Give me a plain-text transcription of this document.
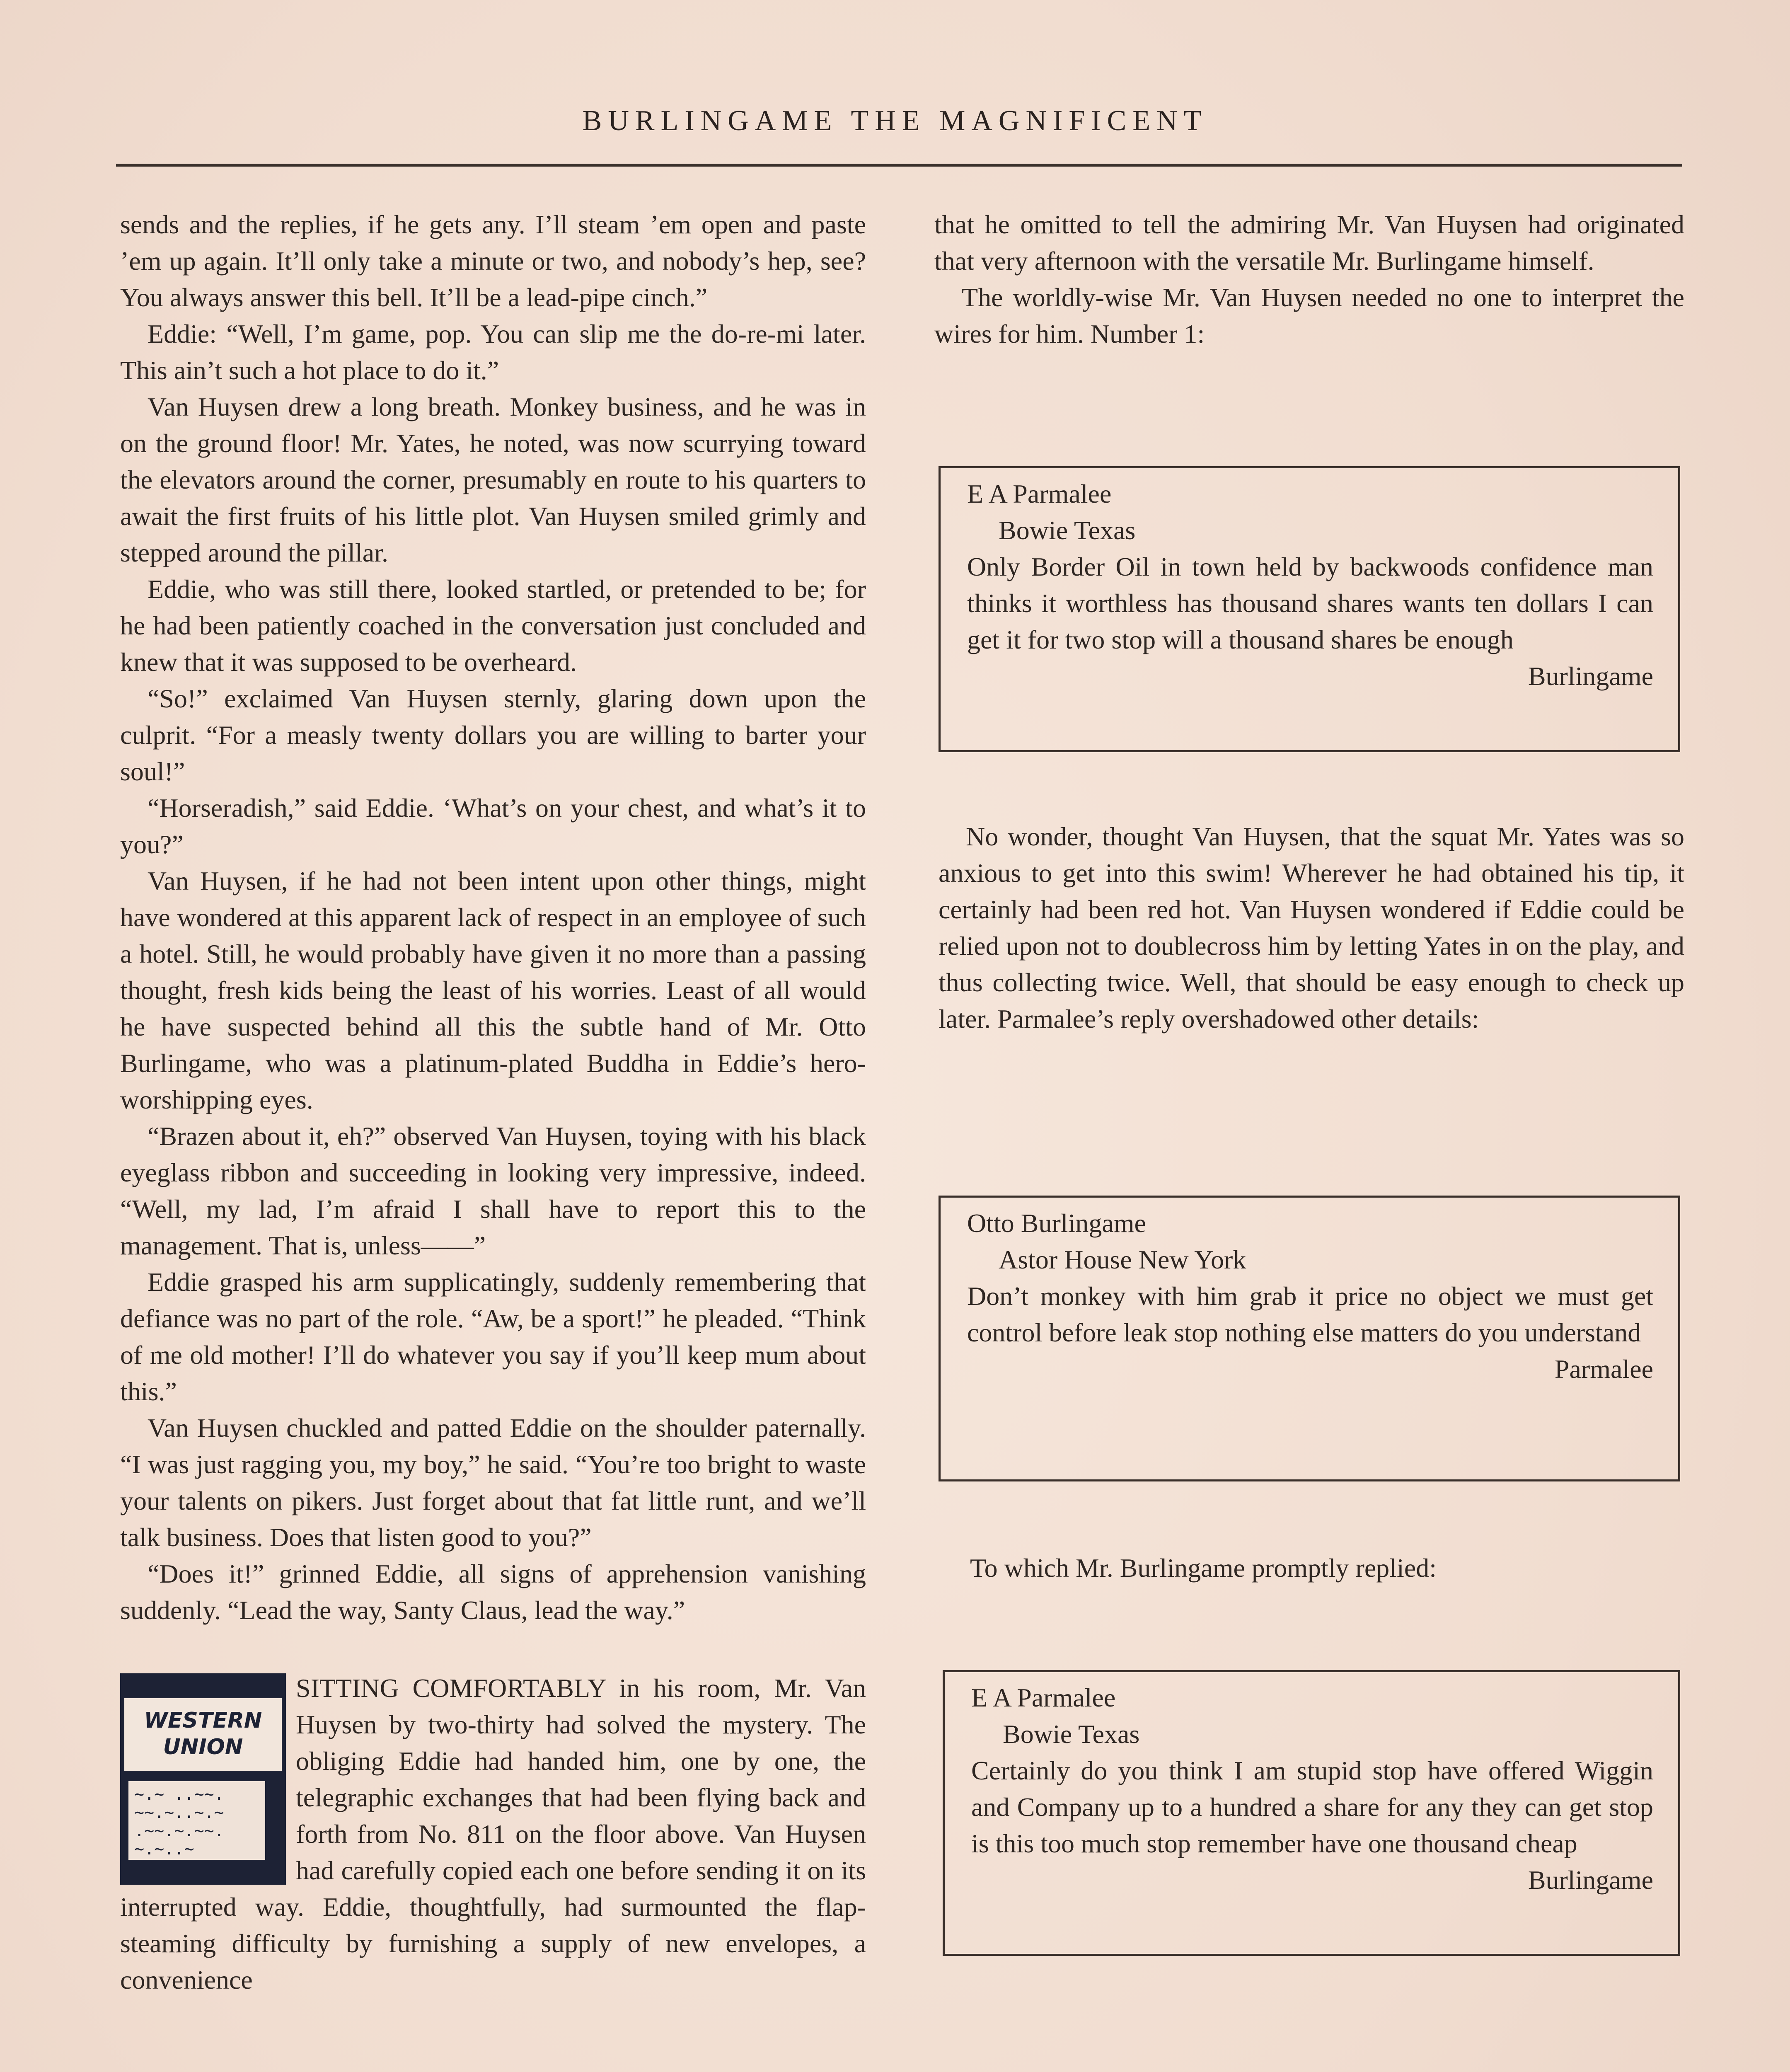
BURLINGAME THE MAGNIFICENT

sends and the replies, if he gets any. I’ll steam ’em open and paste ’em up again. It’ll only take a minute or two, and nobody’s hep, see? You always answer this bell. It’ll be a lead-pipe cinch.”

Eddie: “Well, I’m game, pop. You can slip me the do-re-mi later. This ain’t such a hot place to do it.”

Van Huysen drew a long breath. Monkey business, and he was in on the ground floor! Mr. Yates, he noted, was now scurrying toward the elevators around the corner, presumably en route to his quarters to await the first fruits of his little plot. Van Huysen smiled grimly and stepped around the pillar.

Eddie, who was still there, looked startled, or pretended to be; for he had been patiently coached in the conversation just concluded and knew that it was supposed to be overheard.

“So!” exclaimed Van Huysen sternly, glaring down upon the culprit. “For a measly twenty dollars you are willing to barter your soul!”

“Horseradish,” said Eddie. ‘What’s on your chest, and what’s it to you?”

Van Huysen, if he had not been intent upon other things, might have wondered at this apparent lack of respect in an employee of such a hotel. Still, he would probably have given it no more than a passing thought, fresh kids being the least of his worries. Least of all would he have suspected behind all this the subtle hand of Mr. Otto Burlingame, who was a platinum-plated Buddha in Eddie’s hero-worshipping eyes.

“Brazen about it, eh?” observed Van Huysen, toying with his black eyeglass ribbon and succeeding in looking very impressive, indeed. “Well, my lad, I’m afraid I shall have to report this to the management. That is, unless——”

Eddie grasped his arm supplicatingly, suddenly remembering that defiance was no part of the role. “Aw, be a sport!” he pleaded. “Think of me old mother! I’ll do whatever you say if you’ll keep mum about this.”

Van Huysen chuckled and patted Eddie on the shoulder paternally. “I was just ragging you, my boy,” he said. “You’re too bright to waste your talents on pikers. Just forget about that fat little runt, and we’ll talk business. Does that listen good to you?”

“Does it!” grinned Eddie, all signs of apprehension vanishing suddenly. “Lead the way, Santy Claus, lead the way.”

WESTERN
UNION
~.~ ..~~.
~~.~..~.~
.~~.~.~~.
~.~..~

SITTING COMFORTABLY in his room, Mr. Van Huysen by two-thirty had solved the mystery. The obliging Eddie had handed him, one by one, the telegraphic exchanges that had been flying back and forth from No. 811 on the floor above. Van Huysen had carefully copied each one before sending it on its interrupted way. Eddie, thoughtfully, had surmounted the flap-steaming difficulty by furnishing a supply of new envelopes, a convenience

that he omitted to tell the admiring Mr. Van Huysen had originated that very afternoon with the versatile Mr. Burlingame himself.

The worldly-wise Mr. Van Huysen needed no one to interpret the wires for him. Number 1:

E A Parmalee
Bowie Texas
Only Border Oil in town held by backwoods confidence man thinks it worthless has thousand shares wants ten dollars I can get it for two stop will a thousand shares be enough
Burlingame

No wonder, thought Van Huysen, that the squat Mr. Yates was so anxious to get into this swim! Wherever he had obtained his tip, it certainly had been red hot. Van Huysen wondered if Eddie could be relied upon not to doublecross him by letting Yates in on the play, and thus collecting twice. Well, that should be easy enough to check up later. Parmalee’s reply overshadowed other details:

Otto Burlingame
Astor House New York
Don’t monkey with him grab it price no object we must get control before leak stop nothing else matters do you understand
Parmalee

To which Mr. Burlingame promptly replied:

E A Parmalee
Bowie Texas
Certainly do you think I am stupid stop have offered Wiggin and Company up to a hundred a share for any they can get stop is this too much stop remember have one thousand cheap
Burlingame
